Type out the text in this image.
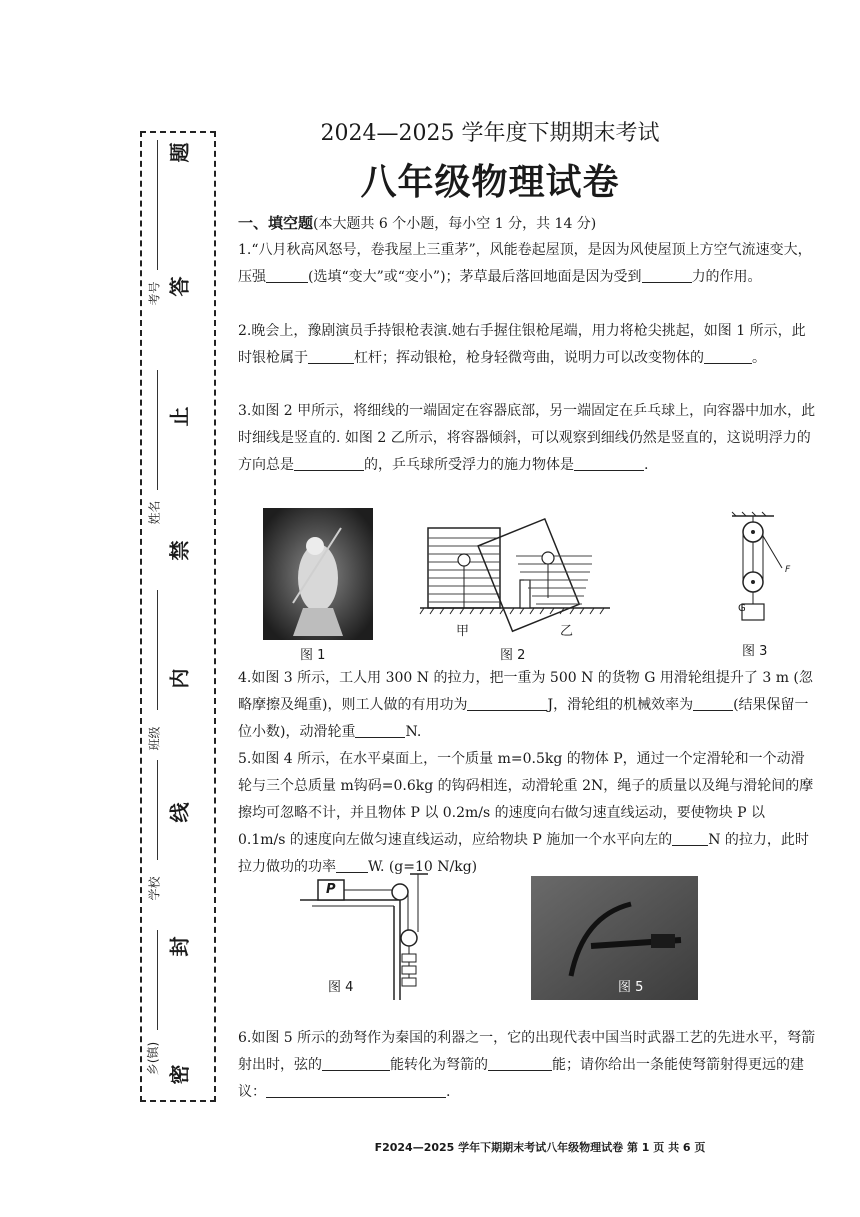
题
答
止
禁
内
线
封
密
考号
姓名
班级
学校
乡(镇)
2024—2025 学年度下期期末考试
八年级物理试卷
一、填空题(本大题共 6 个小题，每小空 1 分，共 14 分)
1.“八月秋高风怒号，卷我屋上三重茅”，风能卷起屋顶，是因为风使屋顶上方空气流速变大，压强	(选填“变大”或“变小”)；茅草最后落回地面是因为受到	力的作用。
2.晚会上，豫剧演员手持银枪表演.她右手握住银枪尾端，用力将枪尖挑起，如图 1 所示，此时银枪属于	杠杆；挥动银枪，枪身轻微弯曲，说明力可以改变物体的	。
3.如图 2 甲所示，将细线的一端固定在容器底部，另一端固定在乒乓球上，向容器中加水，此时细线是竖直的. 如图 2 乙所示，将容器倾斜，可以观察到细线仍然是竖直的，这说明浮力的方向总是	的，乒乓球所受浮力的施力物体是	.
图 1
甲
图 2
乙
G
F
图 3
4.如图 3 所示，工人用 300 N 的拉力，把一重为 500 N 的货物 G 用滑轮组提升了 3 m (忽略摩擦及绳重)，则工人做的有用功为	J，滑轮组的机械效率为	(结果保留一位小数)，动滑轮重	N.
5.如图 4 所示，在水平桌面上，一个质量 m=0.5kg 的物体 P，通过一个定滑轮和一个动滑轮与三个总质量 m钩码=0.6kg 的钩码相连，动滑轮重 2N，绳子的质量以及绳与滑轮间的摩擦均可忽略不计，并且物体 P 以 0.2m/s 的速度向右做匀速直线运动，要使物块 P 以 0.1m/s 的速度向左做匀速直线运动，应给物块 P 施加一个水平向左的	N 的拉力，此时拉力做功的功率 W. (g=10 N/kg)
P
图 4	图 5
6.如图 5 所示的劲弩作为秦国的利器之一，它的出现代表中国当时武器工艺的先进水平，弩箭射出时，弦的	能转化为弩箭的	能；请你给出一条能使弩箭射得更远的建议：	.
F2024—2025 学年下期期末考试八年级物理试卷 第 1 页 共 6 页
